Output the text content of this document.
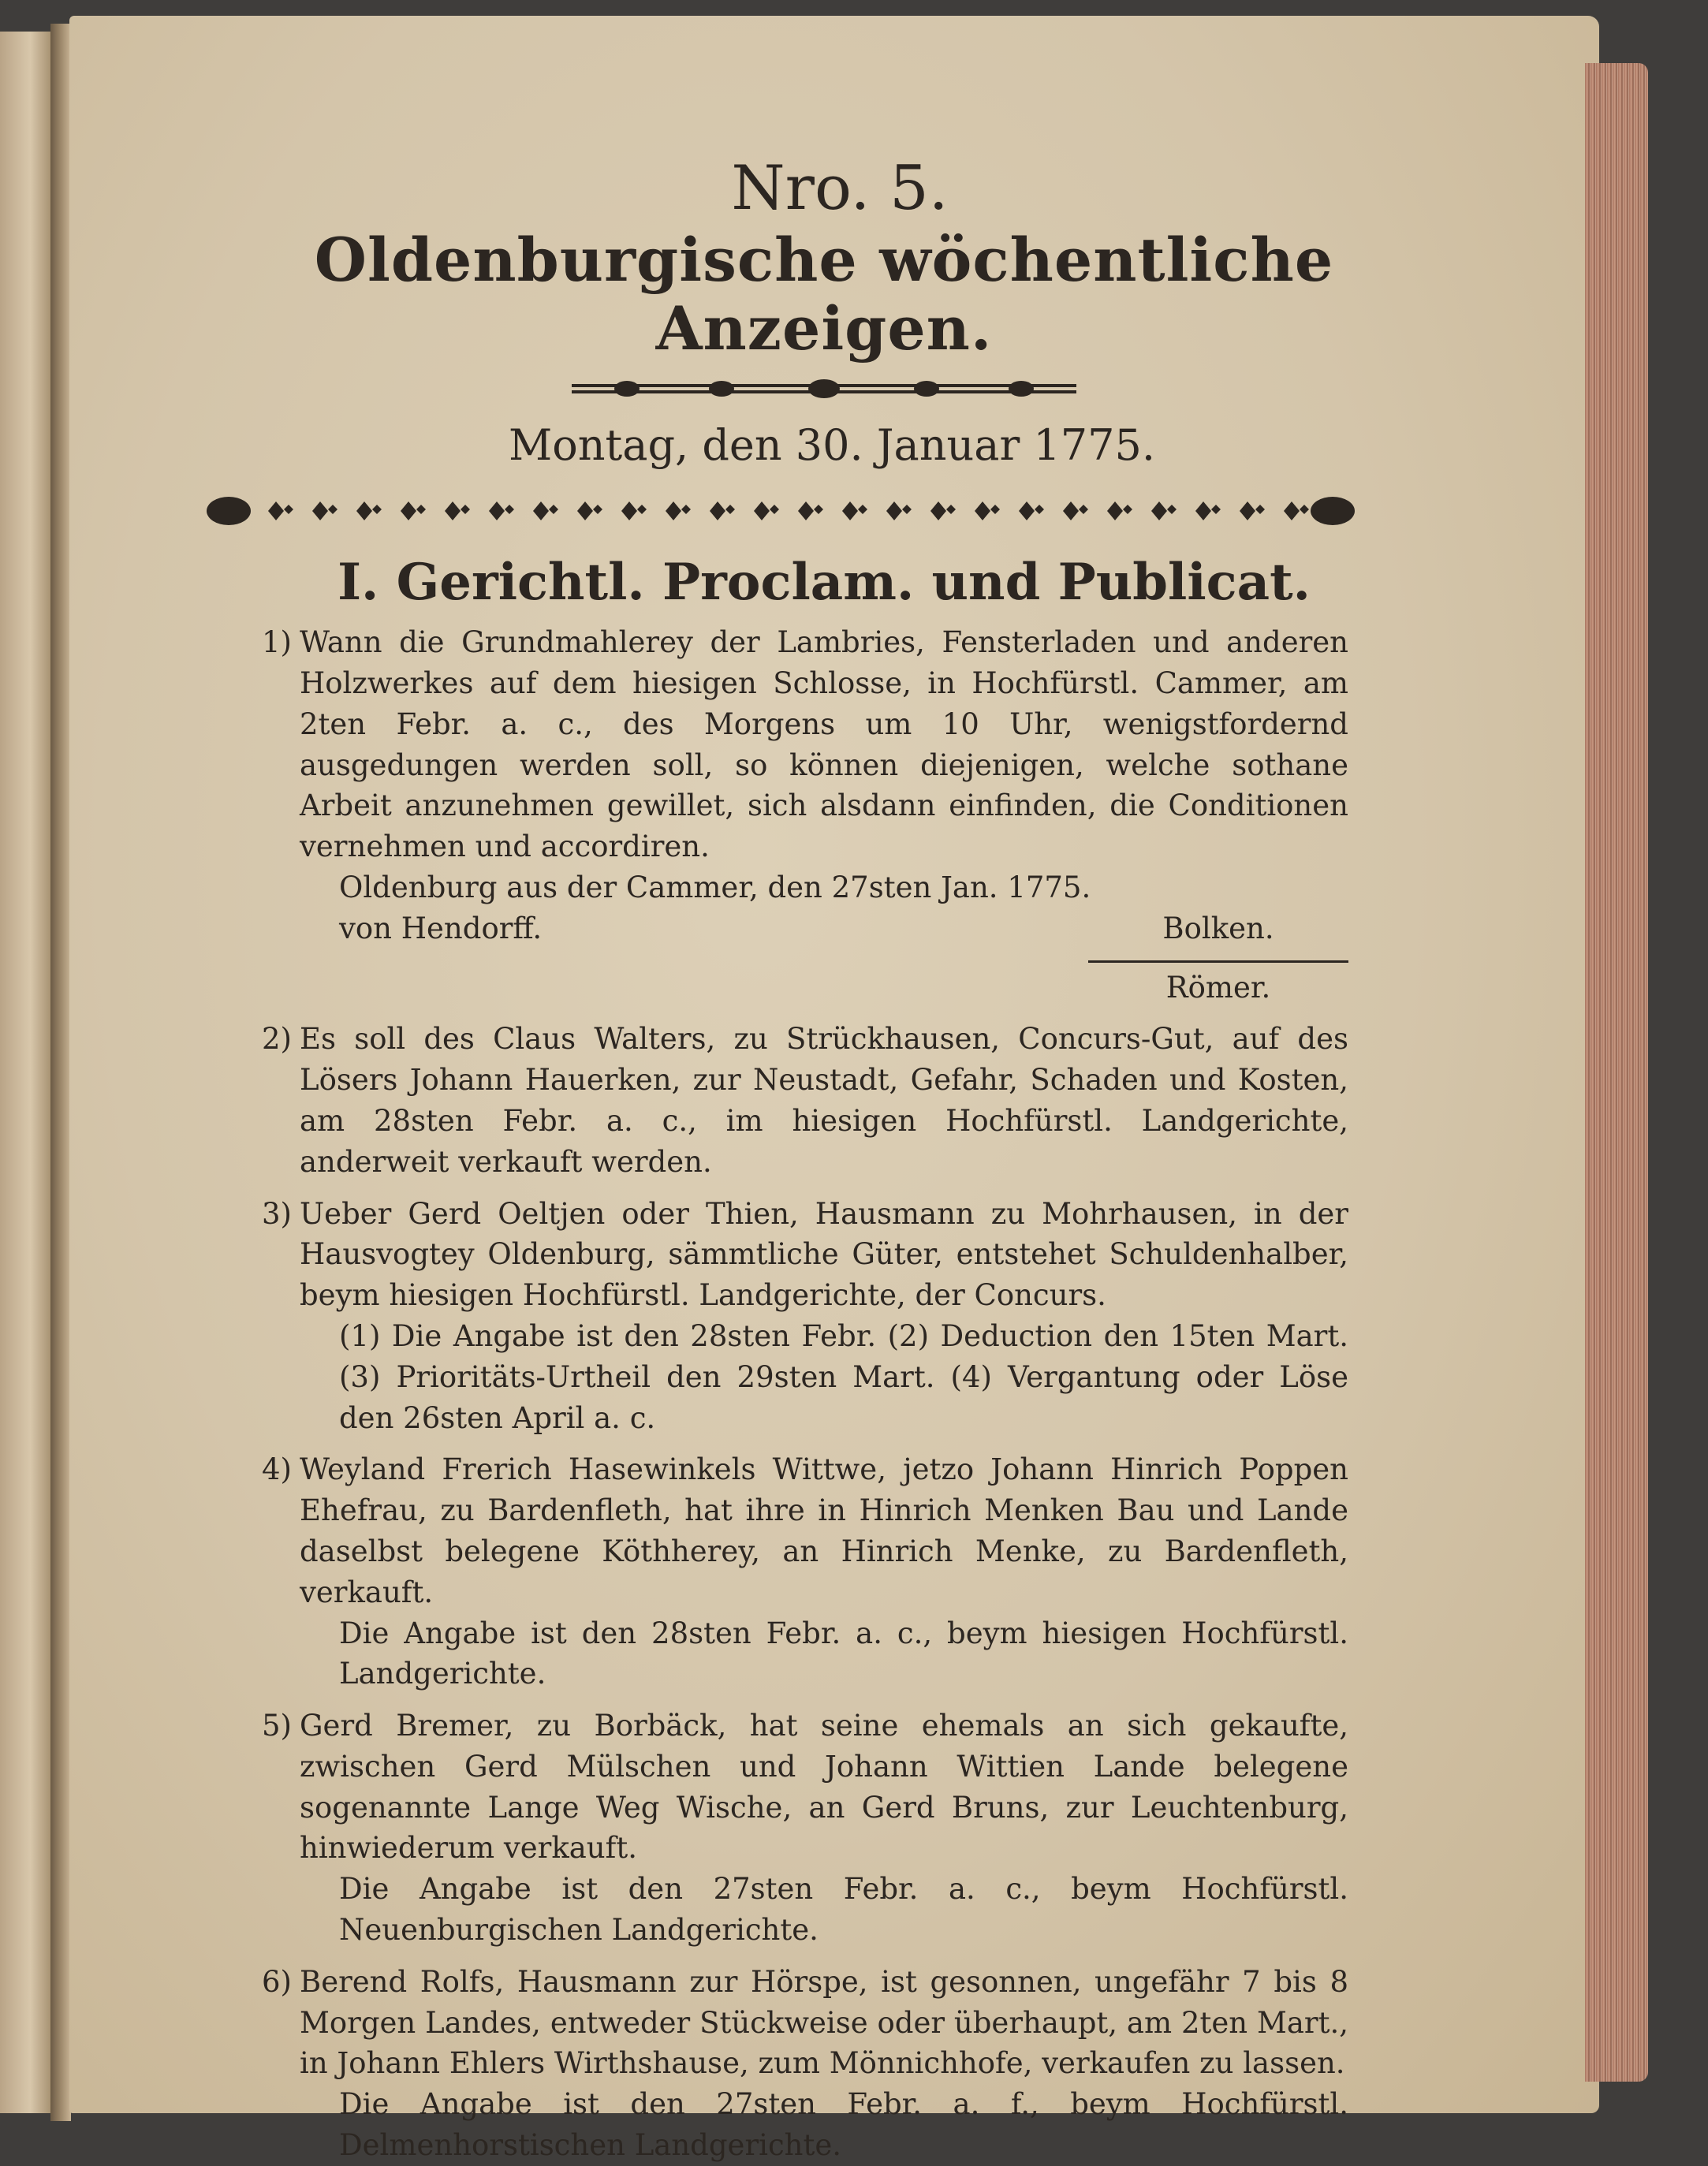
Nro. 5.
Oldenburgische wöchentliche Anzeigen.
Montag, den 30. Januar 1775.
I. Gerichtl. Proclam. und Publicat.
1) Wann die Grundmahlerey der Lambries, Fensterladen und anderen Holzwerkes auf dem hiesigen Schlosse, in Hochfürstl. Cammer, am 2ten Febr. a. c., des Morgens um 10 Uhr, wenigstfordernd ausgedungen werden soll, so können diejenigen, welche sothane Arbeit anzunehmen gewillet, sich alsdann einfinden, die Conditionen vernehmen und accordiren.

Oldenburg aus der Cammer, den 27sten Jan. 1775.

von Hendorff.	Bolken.
Römer.
2) Es soll des Claus Walters, zu Strückhausen, Concurs-Gut, auf des Lösers Johann Hauerken, zur Neustadt, Gefahr, Schaden und Kosten, am 28sten Febr. a. c., im hiesigen Hochfürstl. Landgerichte, anderweit verkauft werden.

3) Ueber Gerd Oeltjen oder Thien, Hausmann zu Mohrhausen, in der Hausvogtey Oldenburg, sämmtliche Güter, entstehet Schuldenhalber, beym hiesigen Hochfürstl. Landgerichte, der Concurs.

(1) Die Angabe ist den 28sten Febr. (2) Deduction den 15ten Mart. (3) Prioritäts-Urtheil den 29sten Mart. (4) Vergantung oder Löse den 26sten April a. c.

4) Weyland Frerich Hasewinkels Wittwe, jetzo Johann Hinrich Poppen Ehefrau, zu Bardenfleth, hat ihre in Hinrich Menken Bau und Lande daselbst belegene Köthherey, an Hinrich Menke, zu Bardenfleth, verkauft.

Die Angabe ist den 28sten Febr. a. c., beym hiesigen Hochfürstl. Landgerichte.

5) Gerd Bremer, zu Borbäck, hat seine ehemals an sich gekaufte, zwischen Gerd Mülschen und Johann Wittien Lande belegene sogenannte Lange Weg Wische, an Gerd Bruns, zur Leuchtenburg, hinwiederum verkauft.

Die Angabe ist den 27sten Febr. a. c., beym Hochfürstl. Neuenburgischen Landgerichte.

6) Berend Rolfs, Hausmann zur Hörspe, ist gesonnen, ungefähr 7 bis 8 Morgen Landes, entweder Stückweise oder überhaupt, am 2ten Mart., in Johann Ehlers Wirthshause, zum Mönnichhofe, verkaufen zu lassen.

Die Angabe ist den 27sten Febr. a. f., beym Hochfürstl. Delmenhorstischen Landgerichte.
